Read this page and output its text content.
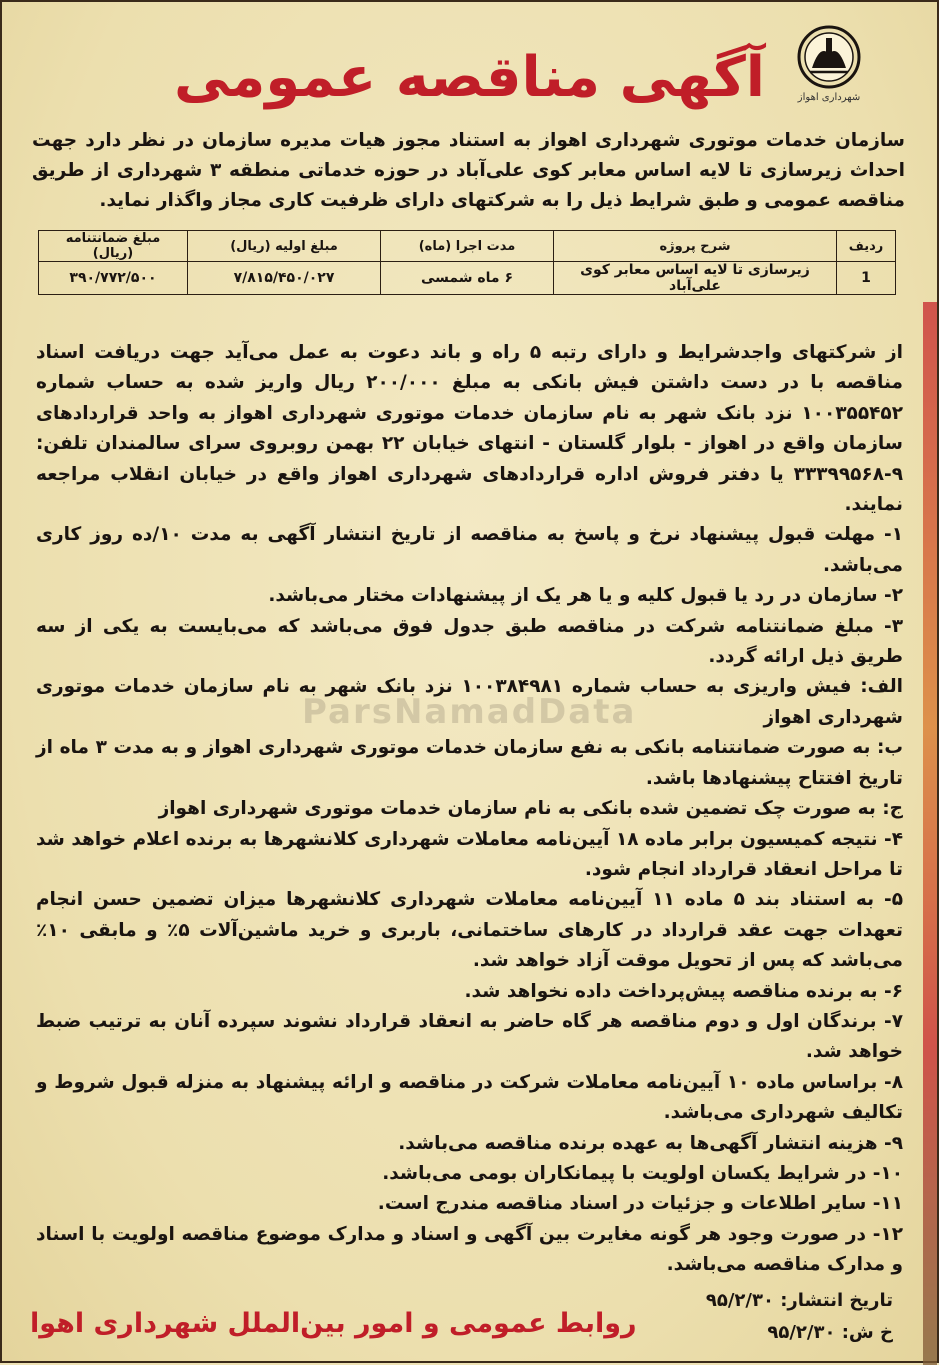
شهرداری اهواز
آگهی مناقصه عمومی
سازمان خدمات موتوری شهرداری اهواز به استناد مجوز هیات مدیره سازمان در نظر دارد جهت احداث زیرسازی تا لایه اساس معابر کوی علی‌آباد در حوزه خدماتی منطقه ۳ شهرداری از طریق مناقصه عمومی و طبق شرایط ذیل را به شرکتهای دارای ظرفیت کاری مجاز واگذار نماید.
ردیف	شرح پروژه	مدت اجرا (ماه)	مبلغ اولیه (ریال)	مبلغ ضمانتنامه (ریال)
1	زیرسازی تا لایه اساس معابر کوی علی‌آباد	۶ ماه شمسی	۷/۸۱۵/۴۵۰/۰۲۷	۳۹۰/۷۷۲/۵۰۰

از شرکتهای واجدشرایط و دارای رتبه ۵ راه و باند دعوت به عمل می‌آید جهت دریافت اسناد مناقصه با در دست داشتن فیش بانکی به مبلغ ۲۰۰/۰۰۰ ریال واریز شده به حساب شماره ۱۰۰۳۵۵۴۵۲ نزد بانک شهر به نام سازمان خدمات موتوری شهرداری اهواز به واحد قراردادهای سازمان واقع در اهواز - بلوار گلستان - انتهای خیابان ۲۲ بهمن روبروی سرای سالمندان تلفن: ۹-۳۳۳۹۹۵۶۸ یا دفتر فروش اداره قراردادهای شهرداری اهواز واقع در خیابان انقلاب مراجعه نمایند.

۱- مهلت قبول پیشنهاد نرخ و پاسخ به مناقصه از تاریخ انتشار آگهی به مدت ۱۰/ده روز کاری می‌باشد.

۲- سازمان در رد یا قبول کلیه و یا هر یک از پیشنهادات مختار می‌باشد.

۳- مبلغ ضمانتنامه شرکت در مناقصه طبق جدول فوق می‌باشد که می‌بایست به یکی از سه طریق ذیل ارائه گردد.

الف: فیش واریزی به حساب شماره ۱۰۰۳۸۴۹۸۱ نزد بانک شهر به نام سازمان خدمات موتوری شهرداری اهواز

ب: به صورت ضمانتنامه بانکی به نفع سازمان خدمات موتوری شهرداری اهواز و به مدت ۳ ماه از تاریخ افتتاح پیشنهادها باشد.

ج: به صورت چک تضمین شده بانکی به نام سازمان خدمات موتوری شهرداری اهواز

۴- نتیجه کمیسیون برابر ماده ۱۸ آیین‌نامه معاملات شهرداری کلانشهرها به برنده اعلام خواهد شد تا مراحل انعقاد قرارداد انجام شود.

۵- به استناد بند ۵ ماده ۱۱ آیین‌نامه معاملات شهرداری کلانشهرها میزان تضمین حسن انجام تعهدات جهت عقد قرارداد در کارهای ساختمانی، باربری و خرید ماشین‌آلات ۵٪ و مابقی ۱۰٪ می‌باشد که پس از تحویل موقت آزاد خواهد شد.

۶- به برنده مناقصه پیش‌پرداخت داده نخواهد شد.

۷- برندگان اول و دوم مناقصه هر گاه حاضر به انعقاد قرارداد نشوند سپرده آنان به ترتیب ضبط خواهد شد.

۸- براساس ماده ۱۰ آیین‌نامه معاملات شرکت در مناقصه و ارائه پیشنهاد به منزله قبول شروط و تکالیف شهرداری می‌باشد.

۹- هزینه انتشار آگهی‌ها به عهده برنده مناقصه می‌باشد.

۱۰- در شرایط یکسان اولویت با پیمانکاران بومی می‌باشد.

۱۱- سایر اطلاعات و جزئیات در اسناد مناقصه مندرج است.

۱۲- در صورت وجود هر گونه مغایرت بین آگهی و اسناد و مدارک موضوع مناقصه اولویت با اسناد و مدارک مناقصه می‌باشد.

تاریخ انتشار: ۹۵/۲/۳۰
خ ش: ۹۵/۲/۳۰
روابط عمومی و امور بین‌الملل شهرداری اهوا
ParsNamadData
